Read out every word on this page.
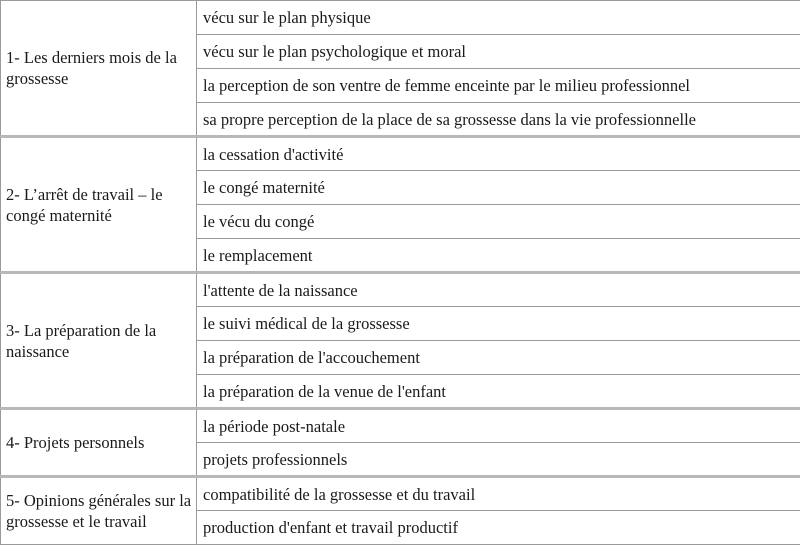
1- Les derniers mois de la grossesse	vécu sur le plan physique
	vécu sur le plan psychologique et moral
	la perception de son ventre de femme enceinte par le milieu professionnel
	sa propre perception de la place de sa grossesse dans la vie professionnelle
2- L’arrêt de travail – le congé maternité	la cessation d'activité
	le congé maternité
	le vécu du congé
	le remplacement
3- La préparation de la naissance	l'attente de la naissance
	le suivi médical de la grossesse
	la préparation de l'accouchement
	la préparation de la venue de l'enfant
4- Projets personnels	la période post-natale
	projets professionnels
5- Opinions générales sur la grossesse et le travail	compatibilité de la grossesse et du travail
	production d'enfant et travail productif
